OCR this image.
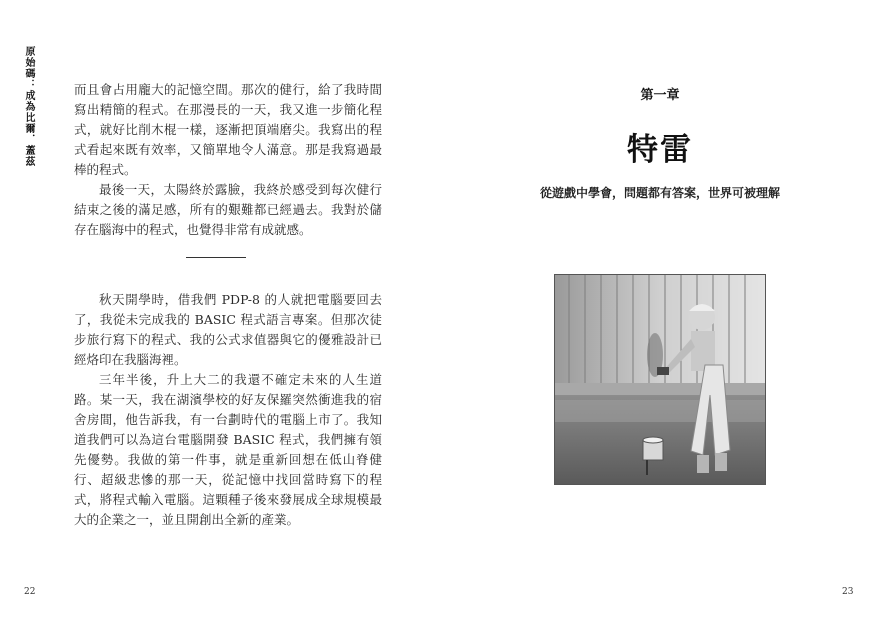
原始碼：成為比爾．蓋茲	而且會占用龐大的記憶空間。那次的健行，給了我時間寫出精簡的程式。在那漫長的一天，我又進一步簡化程式，就好比削木棍一樣，逐漸把頂端磨尖。我寫出的程式看起來既有效率，又簡單地令人滿意。那是我寫過最棒的程式。

最後一天，太陽終於露臉，我終於感受到每次健行結束之後的滿足感，所有的艱難都已經過去。我對於儲存在腦海中的程式，也覺得非常有成就感。

秋天開學時，借我們 PDP-8 的人就把電腦要回去了，我從未完成我的 BASIC 程式語言專案。但那次徒步旅行寫下的程式、我的公式求值器與它的優雅設計已經烙印在我腦海裡。

三年半後，升上大二的我還不確定未來的人生道路。某一天，我在湖濱學校的好友保羅突然衝進我的宿舍房間，他告訴我，有一台劃時代的電腦上市了。我知道我們可以為這台電腦開發 BASIC 程式，我們擁有領先優勢。我做的第一件事，就是重新回想在低山脊健行、超級悲慘的那一天，從記憶中找回當時寫下的程式，將程式輸入電腦。這顆種子後來發展成全球規模最大的企業之一，並且開創出全新的產業。

22
第一章
特雷
從遊戲中學會，問題都有答案，世界可被理解
23
